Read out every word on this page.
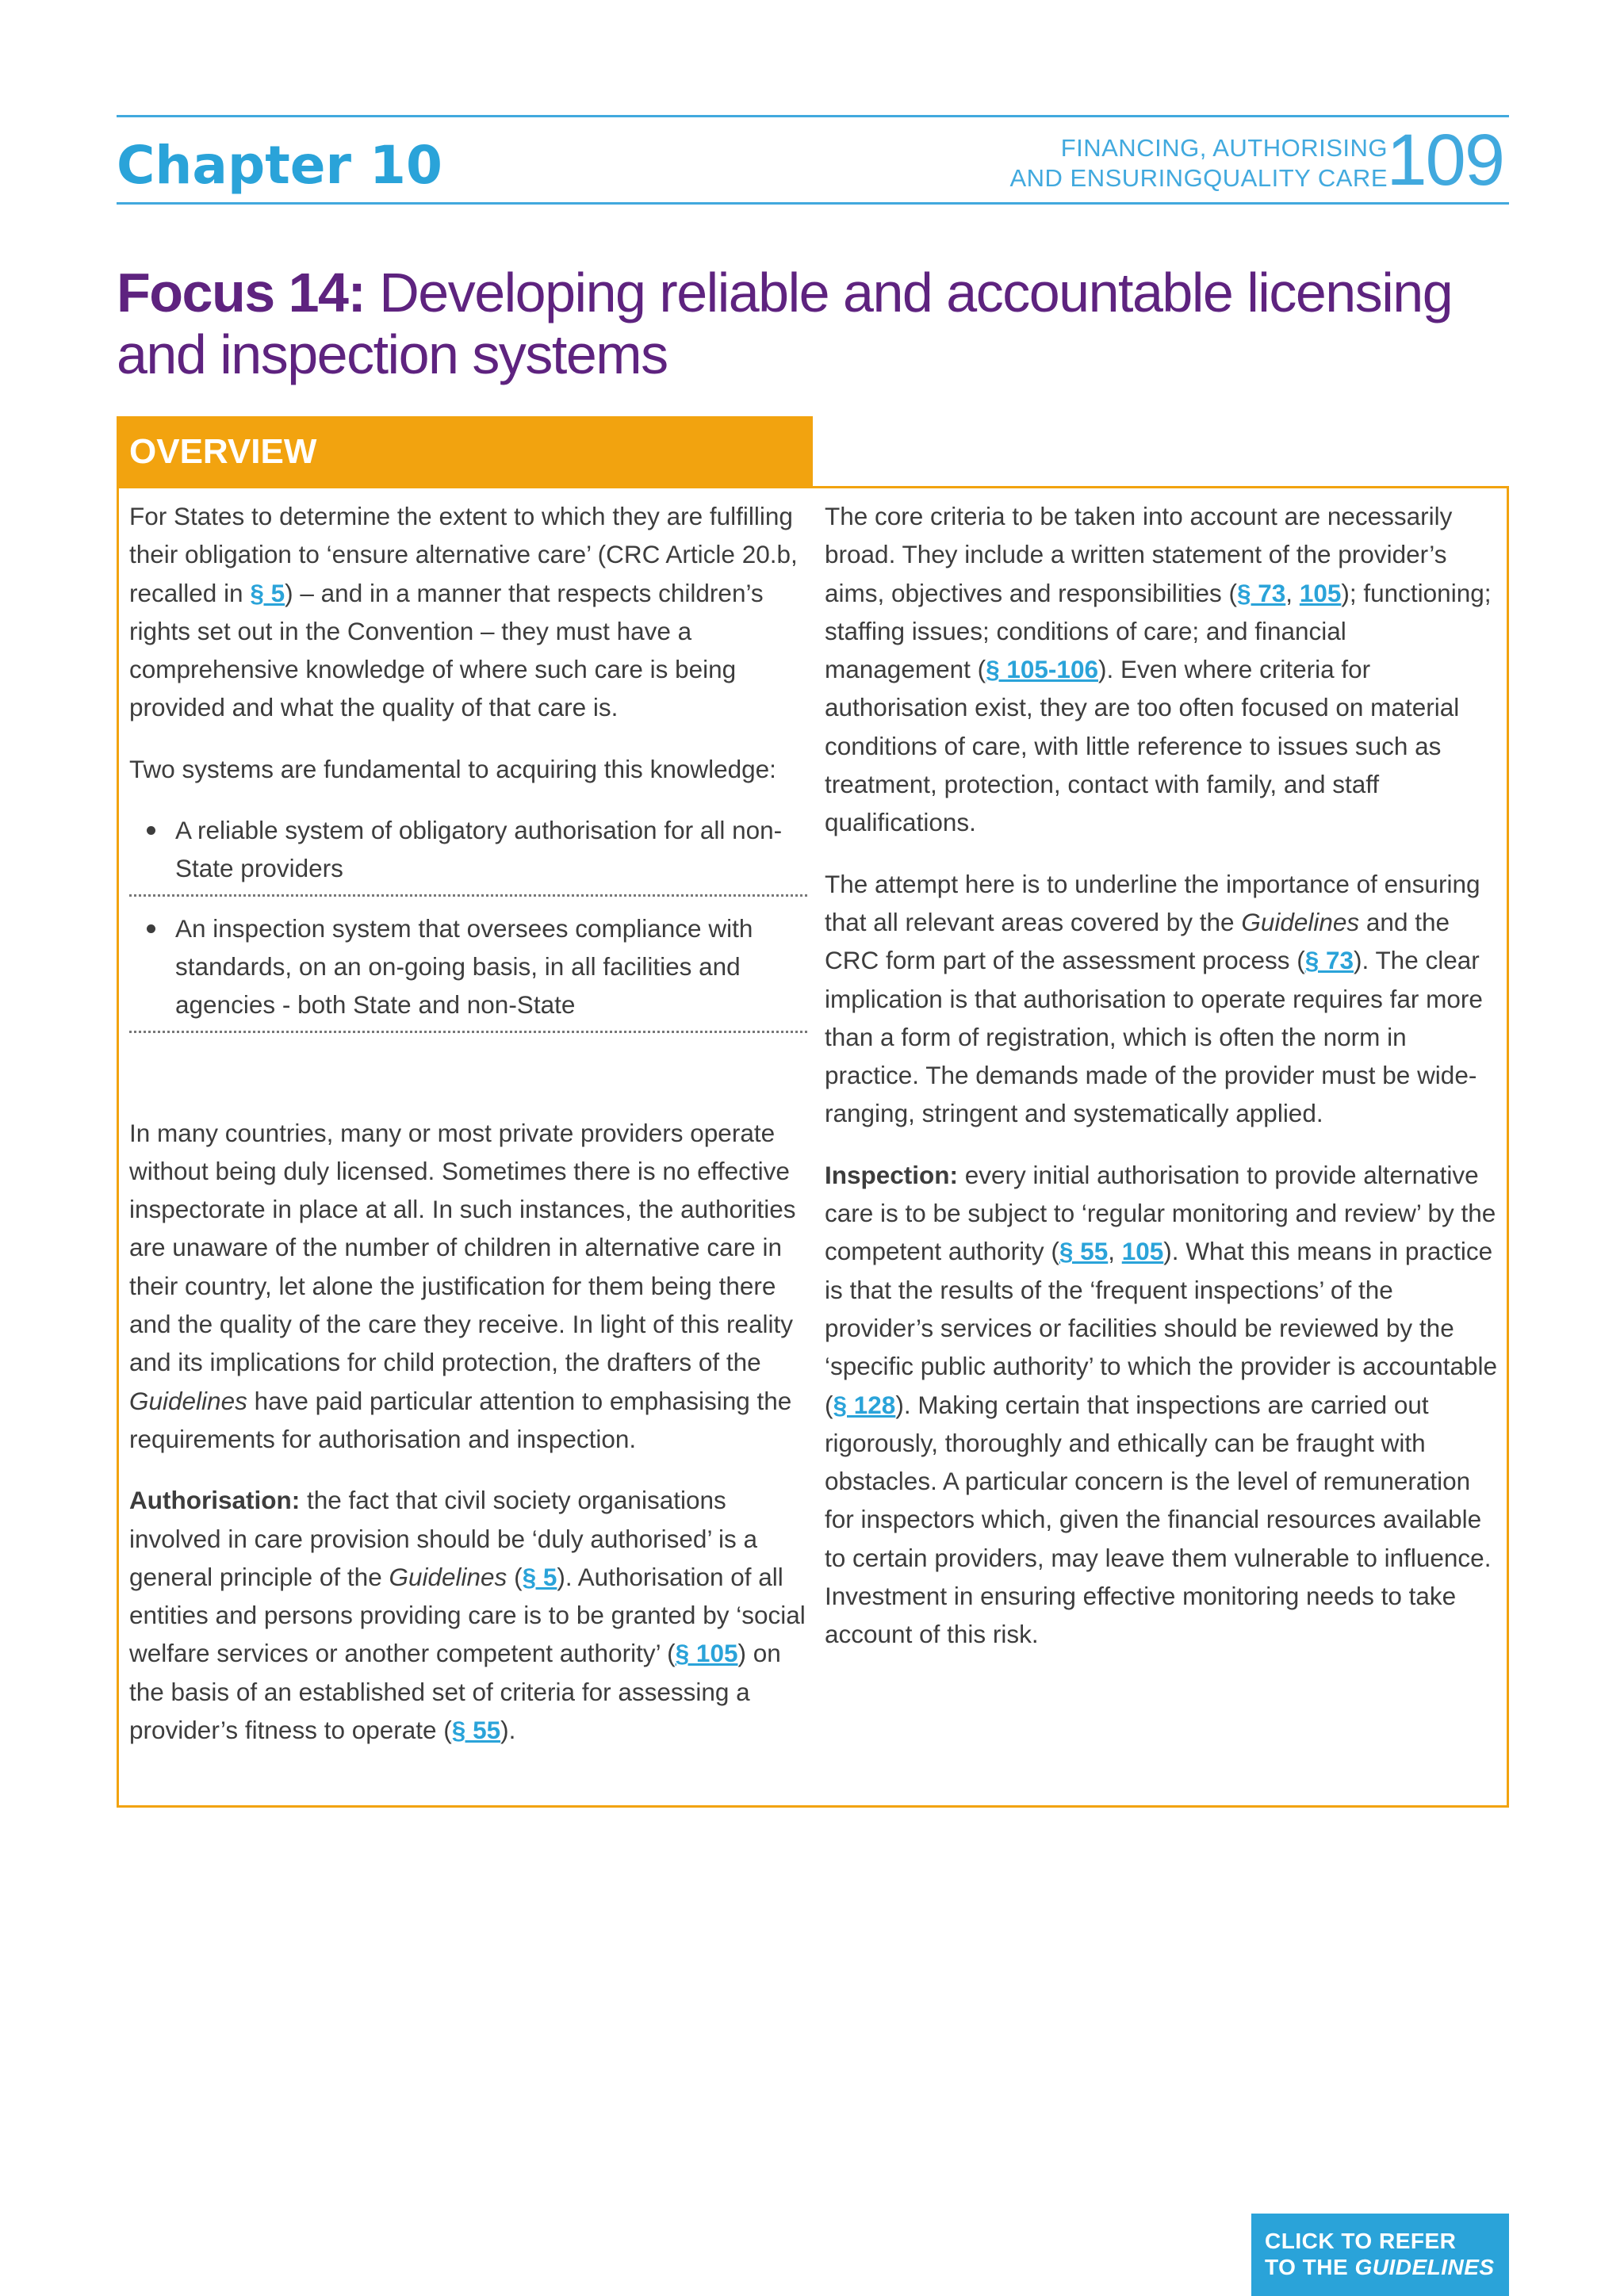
Chapter 10	FINANCING, AUTHORISING
AND ENSURINGQUALITY CARE
109
Focus 14: Developing reliable and accountable licensing and inspection systems
OVERVIEW

For States to determine the extent to which they are fulfilling their obligation to ‘ensure alternative care’ (CRC Article 20.b, recalled in § 5) – and in a manner that respects children’s rights set out in the Convention – they must have a comprehensive knowledge of where such care is being provided and what the quality of that care is.

Two systems are fundamental to acquiring this knowledge:

A reliable system of obligatory authorisation for all non-State providers
An inspection system that oversees compliance with standards, on an on-going basis, in all facilities and agencies - both State and non-State

In many countries, many or most private providers operate without being duly licensed. Sometimes there is no effective inspectorate in place at all. In such instances, the authorities are unaware of the number of children in alternative care in their country, let alone the justification for them being there and the quality of the care they receive. In light of this reality and its implications for child protection, the drafters of the Guidelines have paid particular attention to emphasising the requirements for authorisation and inspection.

Authorisation: the fact that civil society organisations involved in care provision should be ‘duly authorised’ is a general principle of the Guidelines (§ 5). Authorisation of all entities and persons providing care is to be granted by ‘social welfare services or another competent authority’ (§ 105) on the basis of an established set of criteria for assessing a provider’s fitness to operate (§ 55).

The core criteria to be taken into account are necessarily broad. They include a written statement of the provider’s aims, objectives and responsibilities (§ 73, 105); functioning; staffing issues; conditions of care; and financial management (§ 105-106). Even where criteria for authorisation exist, they are too often focused on material conditions of care, with little reference to issues such as treatment, protection, contact with family, and staff qualifications.

The attempt here is to underline the importance of ensuring that all relevant areas covered by the Guidelines and the CRC form part of the assessment process (§ 73). The clear implication is that authorisation to operate requires far more than a form of registration, which is often the norm in practice. The demands made of the provider must be wide-ranging, stringent and systematically applied.

Inspection: every initial authorisation to provide alternative care is to be subject to ‘regular monitoring and review’ by the competent authority (§ 55, 105). What this means in practice is that the results of the ‘frequent inspections’ of the provider’s services or facilities should be reviewed by the ‘specific public authority’ to which the provider is accountable (§ 128). Making certain that inspections are carried out rigorously, thoroughly and ethically can be fraught with obstacles. A particular concern is the level of remuneration for inspectors which, given the financial resources available to certain providers, may leave them vulnerable to influence. Investment in ensuring effective monitoring needs to take account of this risk.

CLICK TO REFER
TO THE GUIDELINES
